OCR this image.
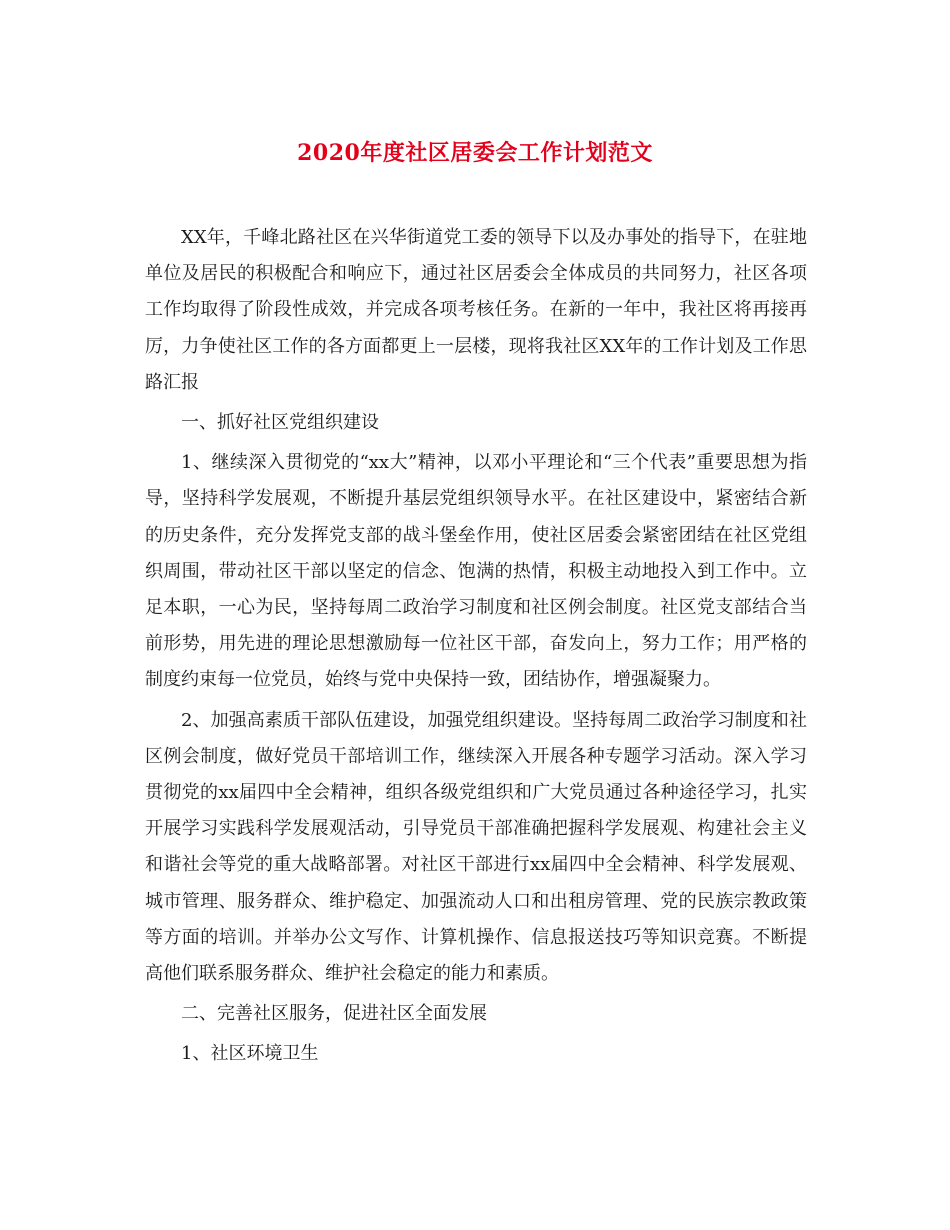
2020年度社区居委会工作计划范文

XX年，千峰北路社区在兴华街道党工委的领导下以及办事处的指导下，在驻地单位及居民的积极配合和响应下，通过社区居委会全体成员的共同努力，社区各项工作均取得了阶段性成效，并完成各项考核任务。在新的一年中，我社区将再接再厉，力争使社区工作的各方面都更上一层楼，现将我社区XX年的工作计划及工作思路汇报

一、抓好社区党组织建设

1、继续深入贯彻党的“xx大”精神，以邓小平理论和“三个代表”重要思想为指导，坚持科学发展观，不断提升基层党组织领导水平。在社区建设中，紧密结合新的历史条件，充分发挥党支部的战斗堡垒作用，使社区居委会紧密团结在社区党组织周围，带动社区干部以坚定的信念、饱满的热情，积极主动地投入到工作中。立足本职，一心为民，坚持每周二政治学习制度和社区例会制度。社区党支部结合当前形势，用先进的理论思想激励每一位社区干部，奋发向上，努力工作；用严格的制度约束每一位党员，始终与党中央保持一致，团结协作，增强凝聚力。

2、加强高素质干部队伍建设，加强党组织建设。坚持每周二政治学习制度和社区例会制度，做好党员干部培训工作，继续深入开展各种专题学习活动。深入学习贯彻党的xx届四中全会精神，组织各级党组织和广大党员通过各种途径学习，扎实开展学习实践科学发展观活动，引导党员干部准确把握科学发展观、构建社会主义和谐社会等党的重大战略部署。对社区干部进行xx届四中全会精神、科学发展观、城市管理、服务群众、维护稳定、加强流动人口和出租房管理、党的民族宗教政策等方面的培训。并举办公文写作、计算机操作、信息报送技巧等知识竞赛。不断提高他们联系服务群众、维护社会稳定的能力和素质。

二、完善社区服务，促进社区全面发展

1、社区环境卫生
